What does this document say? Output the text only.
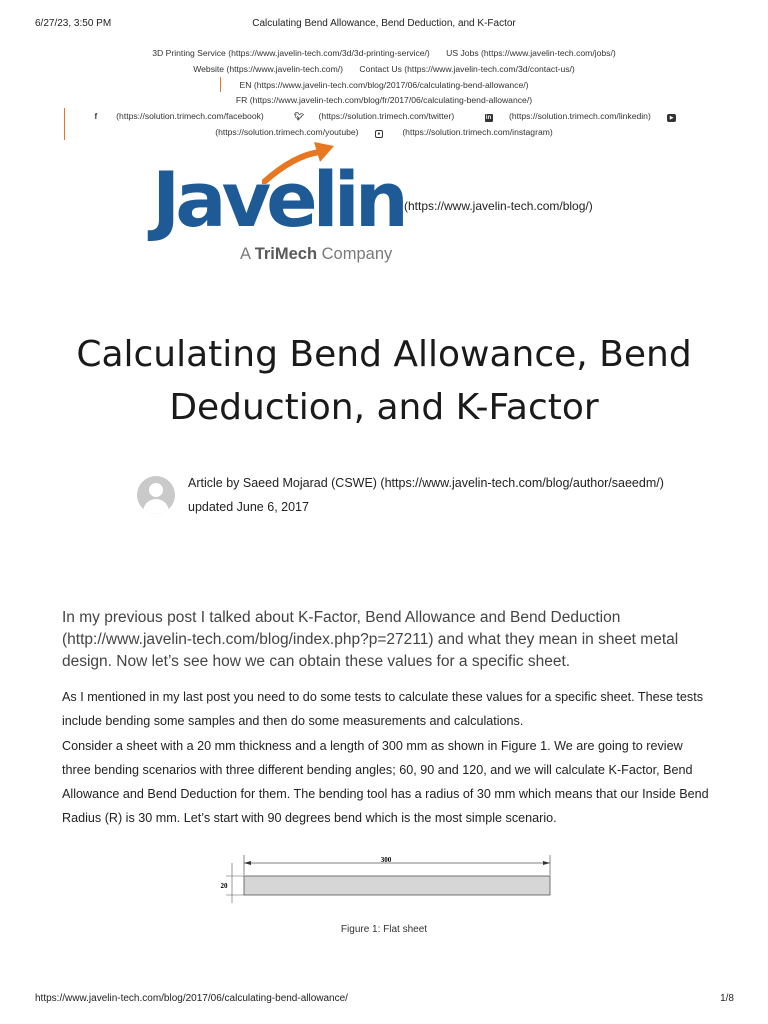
6/27/23, 3:50 PM	Calculating Bend Allowance, Bend Deduction, and K-Factor
3D Printing Service (https://www.javelin-tech.com/3d/3d-printing-service/) US Jobs (https://www.javelin-tech.com/jobs/)
Website (https://www.javelin-tech.com/) Contact Us (https://www.javelin-tech.com/3d/contact-us/)
EN (https://www.javelin-tech.com/blog/2017/06/calculating-bend-allowance/)
FR (https://www.javelin-tech.com/blog/fr/2017/06/calculating-bend-allowance/)
f (https://solution.trimech.com/facebook)	🐦︎ (https://solution.trimech.com/twitter)	in (https://solution.trimech.com/linkedin)	▶
(https://solution.trimech.com/youtube)	●	(https://solution.trimech.com/instagram)
Javelin
A TriMech Company
(https://www.javelin-tech.com/blog/)
Calculating Bend Allowance, Bend
Deduction, and K-Factor
Article by Saeed Mojarad (CSWE) (https://www.javelin-tech.com/blog/author/saeedm/)
updated June 6, 2017
In my previous post I talked about K-Factor, Bend Allowance and Bend Deduction (http://www.javelin-tech.com/blog/index.php?p=27211) and what they mean in sheet metal design. Now let’s see how we can obtain these values for a specific sheet.
As I mentioned in my last post you need to do some tests to calculate these values for a specific sheet. These tests include bending some samples and then do some measurements and calculations.
Consider a sheet with a 20 mm thickness and a length of 300 mm as shown in Figure 1. We are going to review three bending scenarios with three different bending angles; 60, 90 and 120, and we will calculate K-Factor, Bend Allowance and Bend Deduction for them. The bending tool has a radius of 30 mm which means that our Inside Bend Radius (R) is 30 mm. Let’s start with 90 degrees bend which is the most simple scenario.
300
20
Figure 1: Flat sheet
https://www.javelin-tech.com/blog/2017/06/calculating-bend-allowance/	1/8
